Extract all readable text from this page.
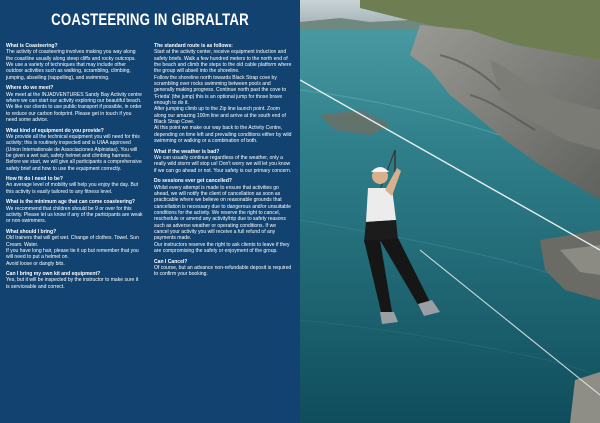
COASTEERING IN GIBRALTAR

What is Coasteering?

The activity of coasteering involves making you way along the coastline usually along steep cliffs and rocky outcrops. We use a variety of techniques that may include other outdoor activities such as walking, scrambling, climbing, jumping, abseiling (rappelling), and swimming.

Where do we meet?

We meet at the INJADVENTURES Sandy Bay Activity centre where we can start our activity exploring our beautiful beach. We like our clients to use public transport if possible, in order to reduce our carbon footprint. Please get in touch if you need some advice.

What kind of equipment do you provide?

We provide all the technical equipment you will need for this activity; this is routinely inspected and is UIAA approved (Union Internationale de Associaciones Alpinistas). You will be given a wet suit, safety helmet and climbing harness. Before we start, we will give all participants a comprehensive safety brief and how to use the equipment correctly.

How fit do I need to be?

An average level of mobility will help you enjoy the day. But this activity is easily tailored to any fitness level.

What is the minimum age that can come coasteering?

We recommend that children should be 9 or over for this activity. Please let us know if any of the participants are weak or non-swimmers.

What should I bring?

Old trainers that will get wet. Change of clothes. Towel. Sun Cream. Water.
If you have long hair, please tie it up but remember that you will need to put a helmet on.
Avoid loose or dangly bits.

Can I bring my own kit and equipment?

Yes, but it will be inspected by the instructor to make sure it is serviceable and correct.

The standard route is as follows:

Start at the activity center, receive equipment induction and safety briefs. Walk a few hundred meters to the north end of the beach and climb the steps to the old cable platform where the group will abseil into the shoreline.
Follow the shoreline north towards Black Strap cove by scrambling over rocks swimming between pools and generally making progress. Continue north past the cove to 'Frieda' (the jump) this is an optional jump for those brave enough to do it.
After jumping climb up to the Zip line launch point. Zoom along our amazing 100m line and arrive at the south end of Black Strap Cove.
At this point we make our way back to the Activity Centre, depending on time left and prevailing conditions either by wild swimming or walking or a combination of both.

What if the weather is bad?

We can usually continue regardless of the weather, only a really wild storm will stop us! Don't worry we will let you know if we can go ahead or not. Your safety is our primary concern.

Do sessions ever get cancelled?

Whilst every attempt is made to ensure that activities go ahead, we will notify the client of cancellation as soon as practicable where we believe on reasonable grounds that cancellation is necessary due to dangerous and/or unsuitable conditions for the activity. We reserve the right to cancel, reschedule or amend any activity/trip due to safety reasons such as adverse weather or operating conditions. If we cancel your activity you will receive a full refund of any payments made.
Our instructors reserve the right to ask clients to leave if they are compromising the safety or enjoyment of the group.

Can I Cancel?

Of course, but an advance non-refundable deposit is required to confirm your booking.
